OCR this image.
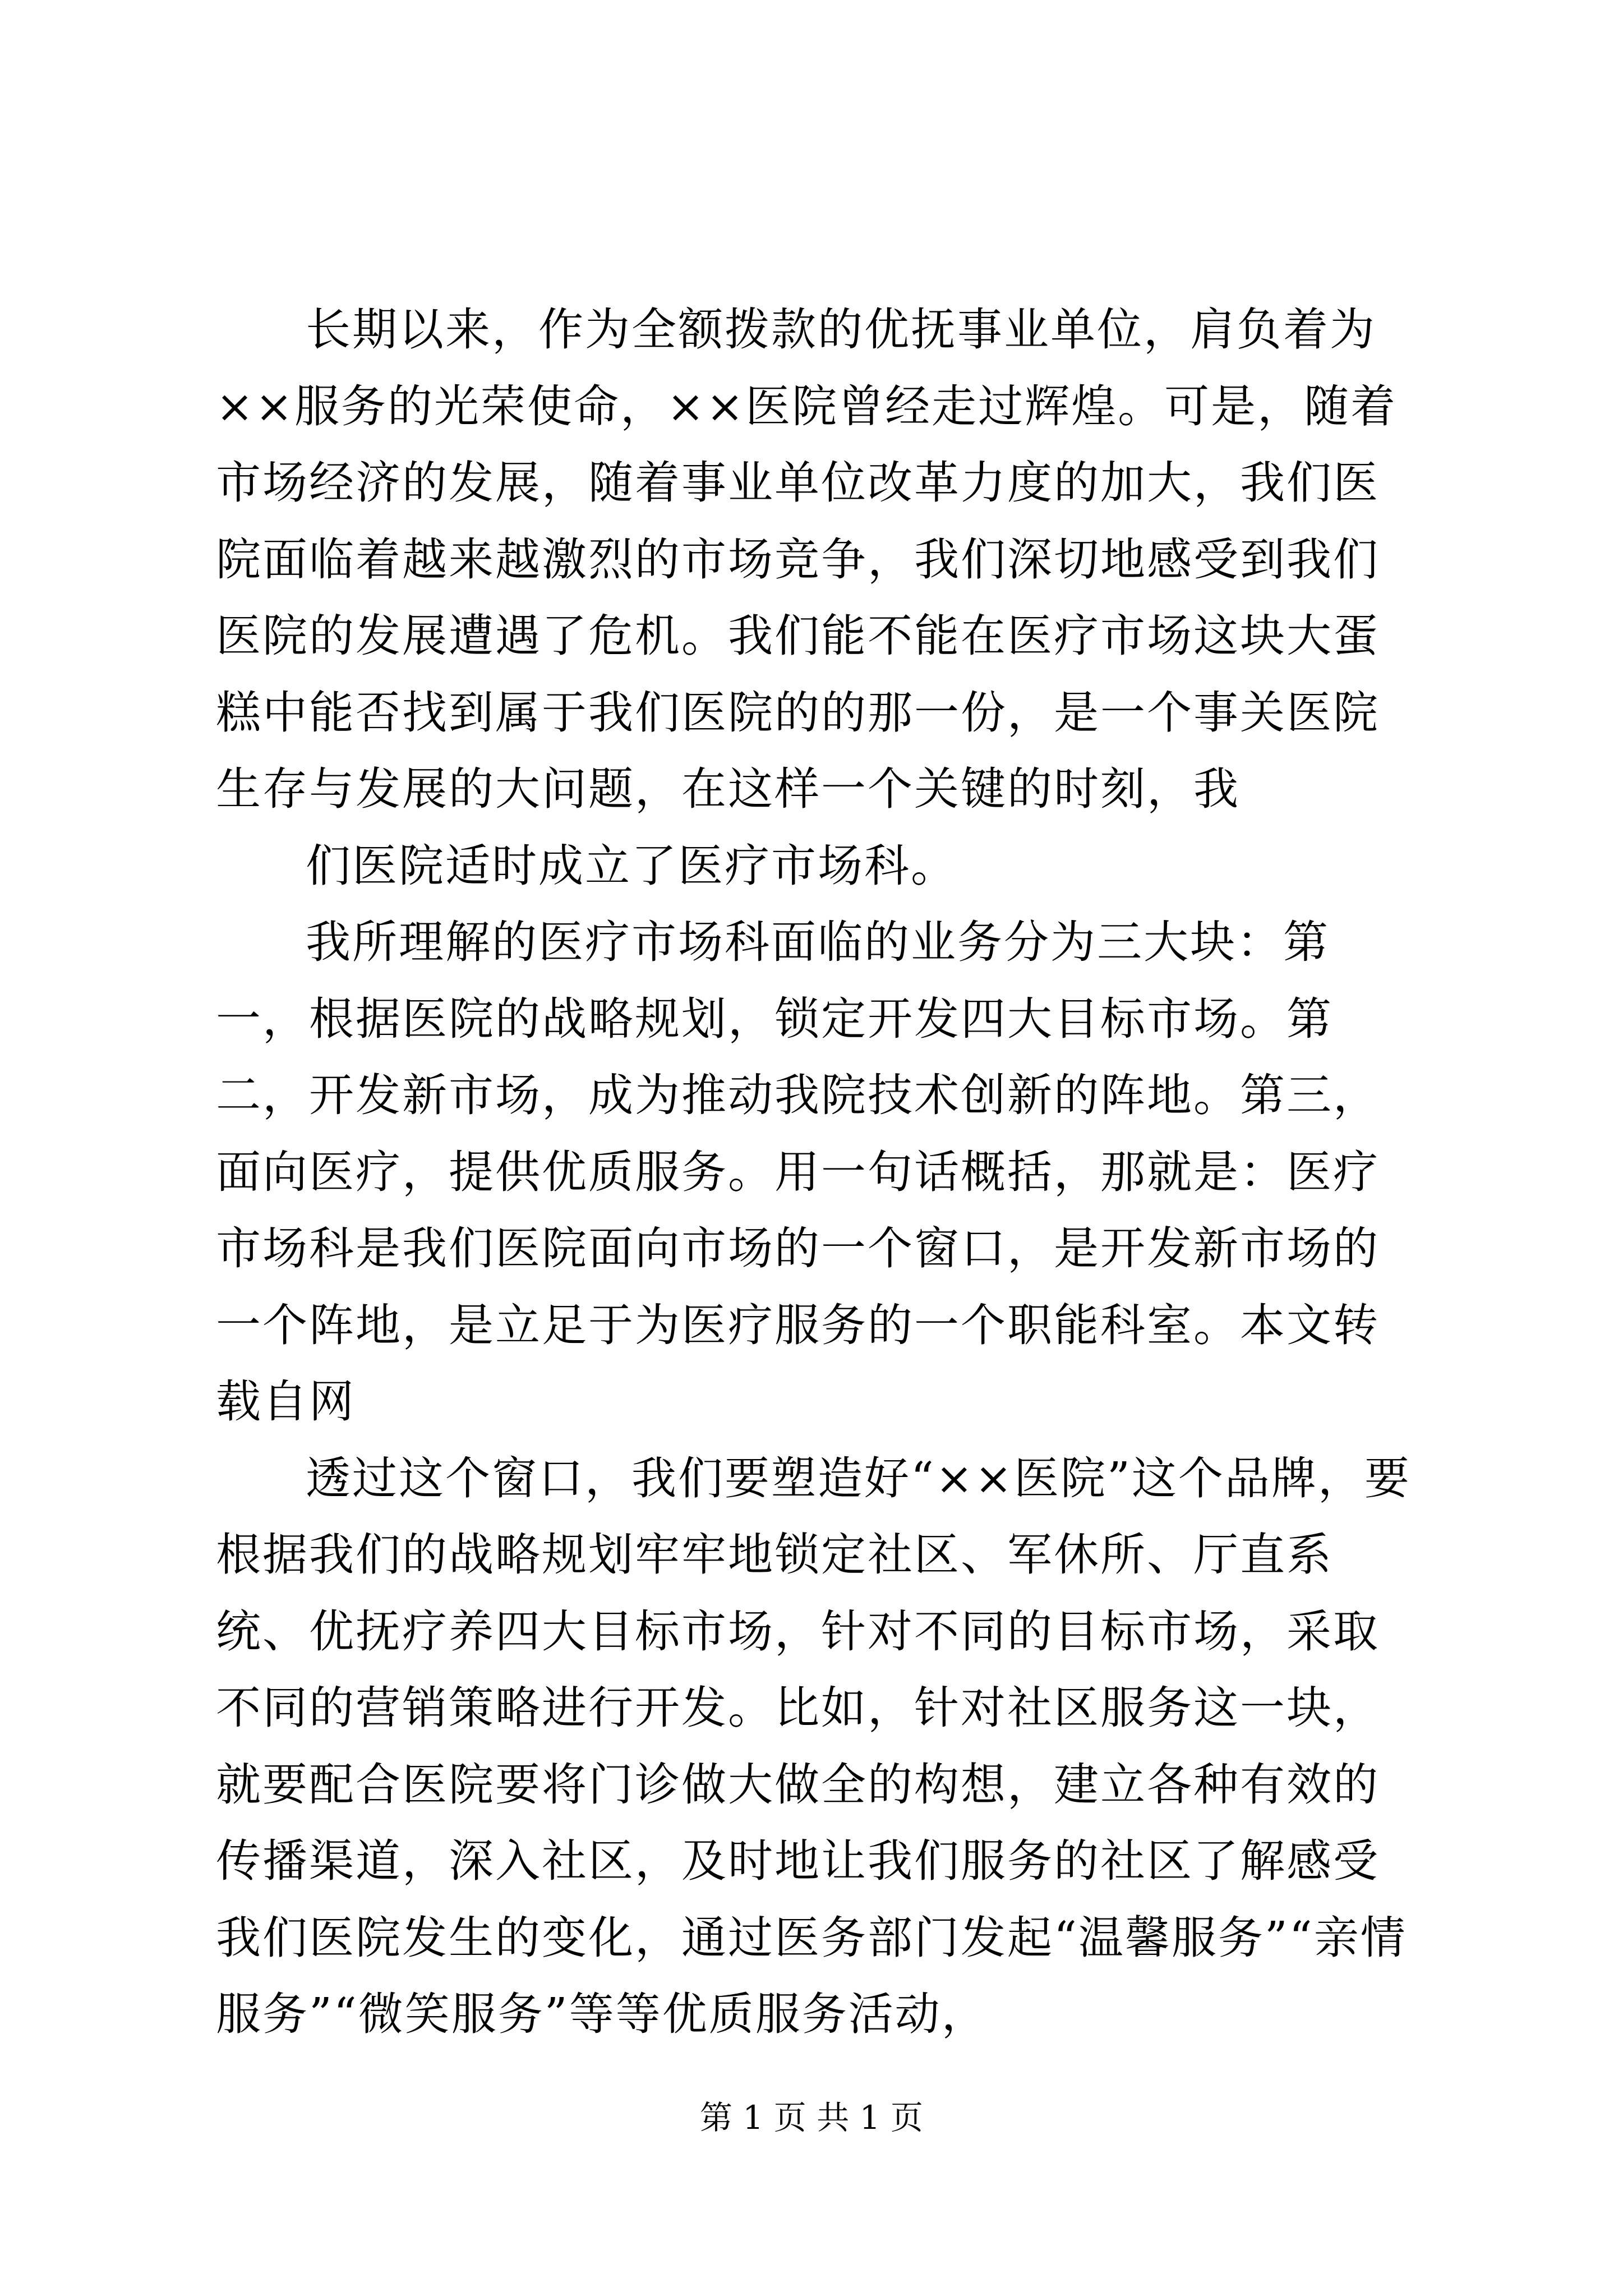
长期以来，作为全额拨款的优抚事业单位，肩负着为××服务的光荣使命，××医院曾经走过辉煌。可是，随着市场经济的发展，随着事业单位改革力度的加大，我们医院面临着越来越激烈的市场竞争，我们深切地感受到我们医院的发展遭遇了危机。我们能不能在医疗市场这块大蛋糕中能否找到属于我们医院的的那一份，是一个事关医院生存与发展的大问题，在这样一个关键的时刻，我

们医院适时成立了医疗市场科。

我所理解的医疗市场科面临的业务分为三大块：第一，根据医院的战略规划，锁定开发四大目标市场。第二，开发新市场，成为推动我院技术创新的阵地。第三，面向医疗，提供优质服务。用一句话概括，那就是：医疗市场科是我们医院面向市场的一个窗口，是开发新市场的一个阵地，是立足于为医疗服务的一个职能科室。本文转载自网

透过这个窗口，我们要塑造好“××医院”这个品牌，要根据我们的战略规划牢牢地锁定社区、军休所、厅直系统、优抚疗养四大目标市场，针对不同的目标市场，采取不同的营销策略进行开发。比如，针对社区服务这一块，就要配合医院要将门诊做大做全的构想，建立各种有效的传播渠道，深入社区，及时地让我们服务的社区了解感受我们医院发生的变化，通过医务部门发起“温馨服务”“亲情服务”“微笑服务”等等优质服务活动，

第 1 页 共 1 页
